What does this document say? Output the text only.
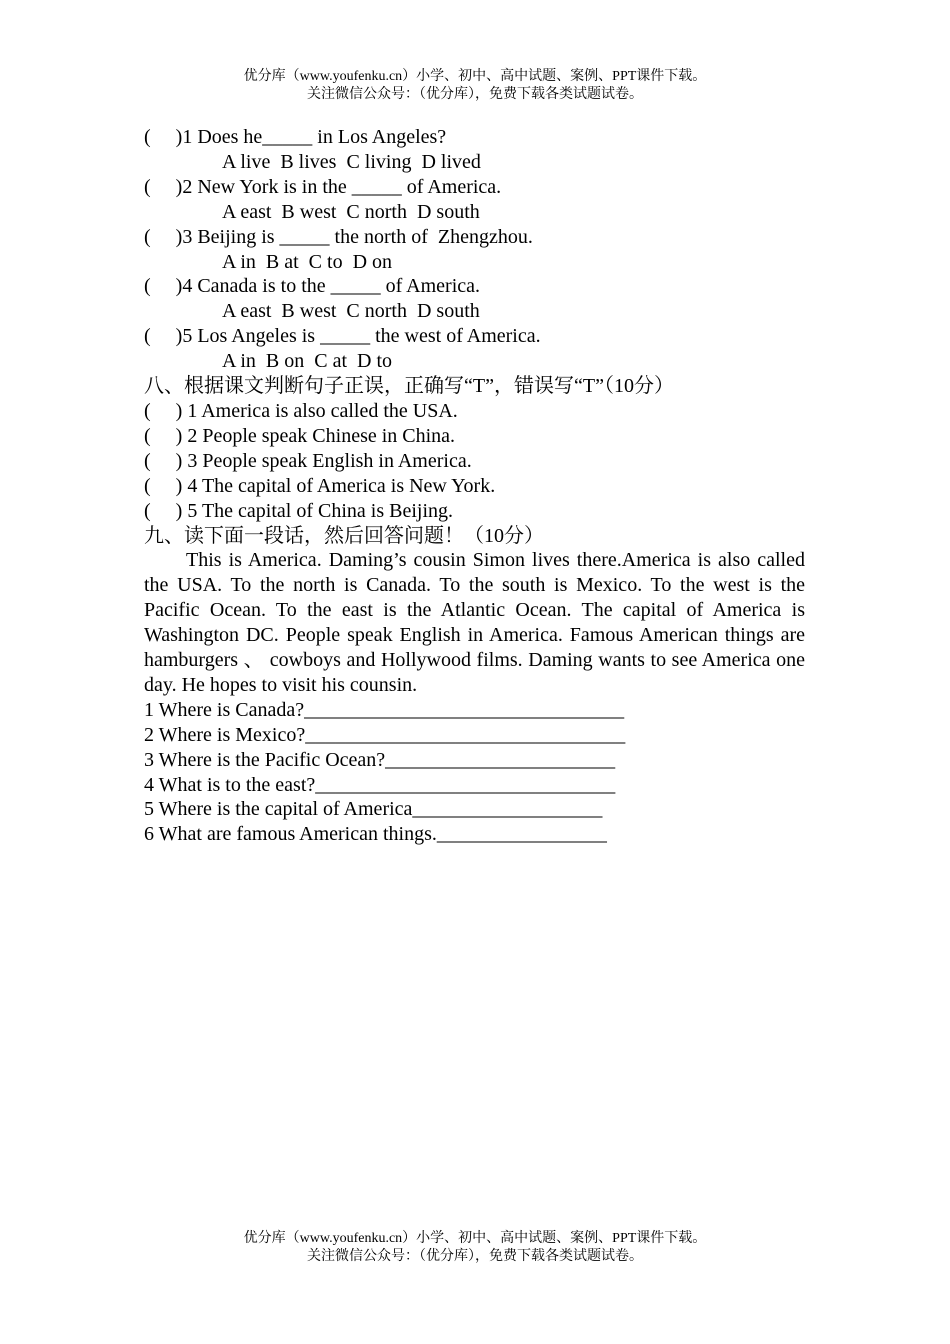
优分库（www.youfenku.cn）小学、初中、高中试题、案例、PPT课件下载。
关注微信公众号：（优分库），免费下载各类试题试卷。
(     )1 Does he_____ in Los Angeles?
A live  B lives  C living  D lived
(     )2 New York is in the _____ of America.
A east  B west  C north  D south
(     )3 Beijing is _____ the north of  Zhengzhou.
A in  B at  C to  D on
(     )4 Canada is to the _____ of America.
A east  B west  C north  D south
(     )5 Los Angeles is _____ the west of America.
A in  B on  C at  D to
八、根据课文判断句子正误，正确写“T”，错误写“T”（10分）
(     ) 1 America is also called the USA.
(     ) 2 People speak Chinese in China.
(     ) 3 People speak English in America.
(     ) 4 The capital of America is New York.
(     ) 5 The capital of China is Beijing.
九、读下面一段话，然后回答问题！（10分）
This is America. Daming’s cousin Simon lives there.America is also called the USA. To the north is Canada. To the south is Mexico. To the west is the Pacific Ocean. To the east is the Atlantic Ocean. The capital of America is Washington DC. People speak English in America. Famous American things are hamburgers 、 cowboys and Hollywood films. Daming wants to see America one day. He hopes to visit his counsin.
1 Where is Canada?________________________________
2 Where is Mexico?________________________________
3 Where is the Pacific Ocean?_______________________
4 What is to the east?______________________________
5 Where is the capital of America___________________
6 What are famous American things._________________
优分库（www.youfenku.cn）小学、初中、高中试题、案例、PPT课件下载。
关注微信公众号：（优分库），免费下载各类试题试卷。
